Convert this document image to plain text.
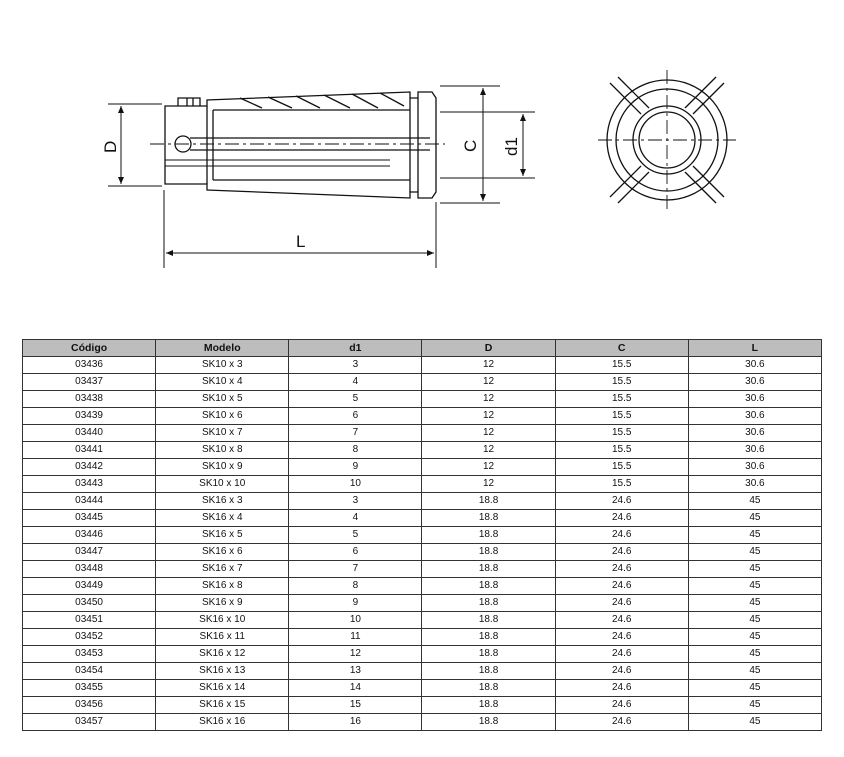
D	C d1
L
Código	Modelo	d1	D	C	L
03436	SK10 x 3	3	12	15.5	30.6
03437	SK10 x 4	4	12	15.5	30.6
03438	SK10 x 5	5	12	15.5	30.6
03439	SK10 x 6	6	12	15.5	30.6
03440	SK10 x 7	7	12	15.5	30.6
03441	SK10 x 8	8	12	15.5	30.6
03442	SK10 x 9	9	12	15.5	30.6
03443	SK10 x 10	10	12	15.5	30.6
03444	SK16 x 3	3	18.8	24.6	45
03445	SK16 x 4	4	18.8	24.6	45
03446	SK16 x 5	5	18.8	24.6	45
03447	SK16 x 6	6	18.8	24.6	45
03448	SK16 x 7	7	18.8	24.6	45
03449	SK16 x 8	8	18.8	24.6	45
03450	SK16 x 9	9	18.8	24.6	45
03451	SK16 x 10	10	18.8	24.6	45
03452	SK16 x 11	11	18.8	24.6	45
03453	SK16 x 12	12	18.8	24.6	45
03454	SK16 x 13	13	18.8	24.6	45
03455	SK16 x 14	14	18.8	24.6	45
03456	SK16 x 15	15	18.8	24.6	45
03457	SK16 x 16	16	18.8	24.6	45
